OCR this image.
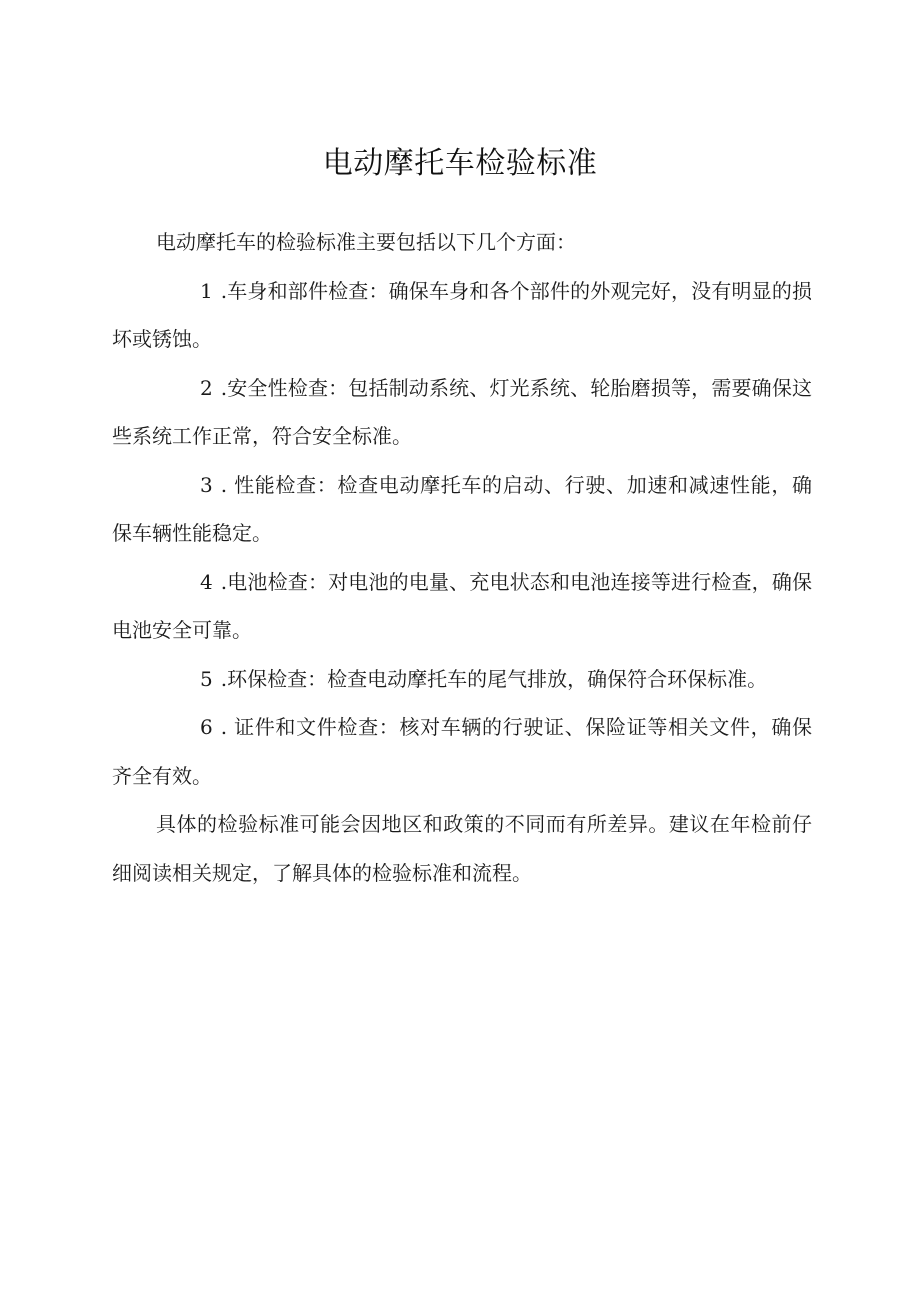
电动摩托车检验标准

电动摩托车的检验标准主要包括以下几个方面：

1 .车身和部件检查：确保车身和各个部件的外观完好，没有明显的损坏或锈蚀。

2 .安全性检查：包括制动系统、灯光系统、轮胎磨损等，需要确保这些系统工作正常，符合安全标准。

3 . 性能检查：检查电动摩托车的启动、行驶、加速和减速性能，确保车辆性能稳定。

4 .电池检查：对电池的电量、充电状态和电池连接等进行检查，确保电池安全可靠。

5 .环保检查：检查电动摩托车的尾气排放，确保符合环保标准。

6 . 证件和文件检查：核对车辆的行驶证、保险证等相关文件，确保齐全有效。

具体的检验标准可能会因地区和政策的不同而有所差异。建议在年检前仔细阅读相关规定，了解具体的检验标准和流程。
